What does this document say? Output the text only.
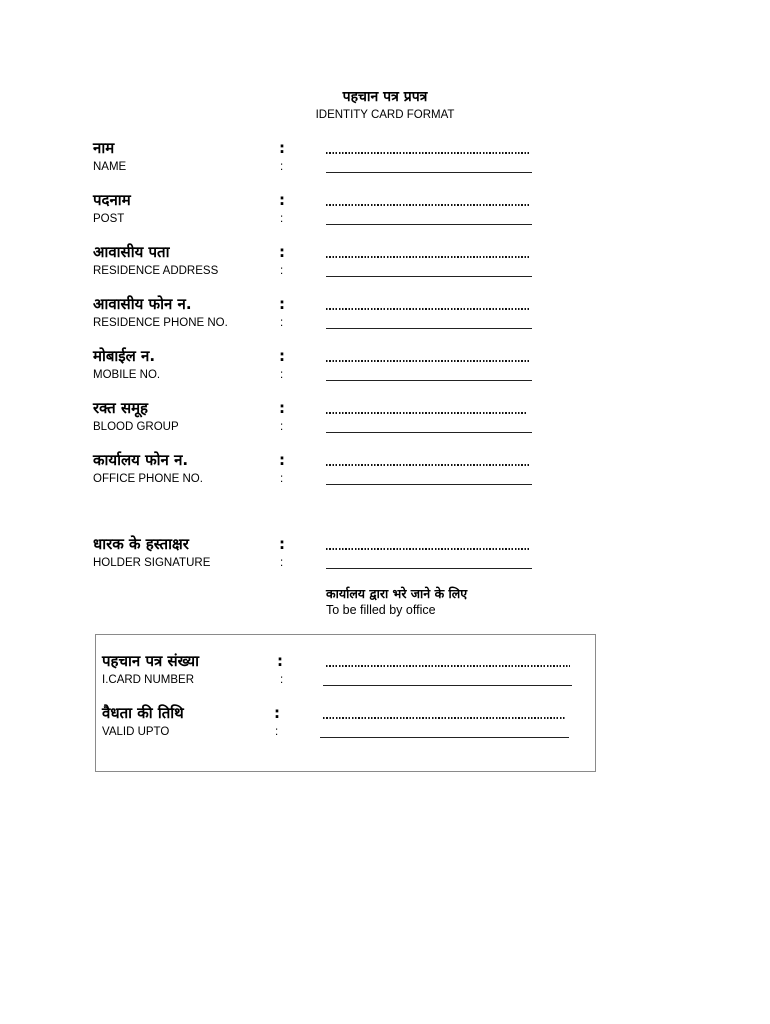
पहचान पत्र प्रपत्र
IDENTITY CARD FORMAT
नाम	:
NAME	:
पदनाम	:
POST	:
आवासीय पता	:
RESIDENCE ADDRESS	:
आवासीय फोन न.	:
RESIDENCE PHONE NO.	:
मोबाईल न.	:
MOBILE NO.	:
रक्त समूह	:
BLOOD GROUP	:
कार्यालय फोन न.	:
OFFICE PHONE NO.	:
धारक के हस्ताक्षर	:
HOLDER SIGNATURE	:
कार्यालय द्वारा भरे जाने के लिए
To be filled by office
पहचान पत्र संख्या	:
I.CARD NUMBER	:
वैधता की तिथि	:
VALID UPTO	:
